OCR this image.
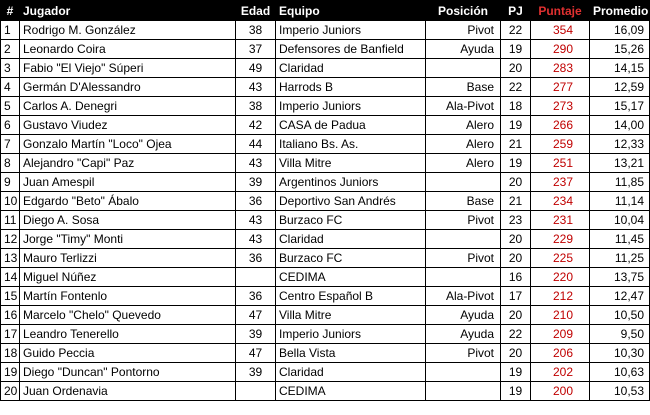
#	Jugador	Edad	Equipo	Posición	PJ	Puntaje	Promedio
1	Rodrigo M. González	38	Imperio Juniors	Pivot	22	354	16,09
2	Leonardo Coira	37	Defensores de Banfield	Ayuda	19	290	15,26
3	Fabio "El Viejo" Súperi	49	Claridad		20	283	14,15
4	Germán D'Alessandro	43	Harrods B	Base	22	277	12,59
5	Carlos A. Denegri	38	Imperio Juniors	Ala-Pivot	18	273	15,17
6	Gustavo Viudez	42	CASA de Padua	Alero	19	266	14,00
7	Gonzalo Martín "Loco" Ojea	44	Italiano Bs. As.	Alero	21	259	12,33
8	Alejandro "Capi" Paz	43	Villa Mitre	Alero	19	251	13,21
9	Juan Amespil	39	Argentinos Juniors		20	237	11,85
10	Edgardo "Beto" Ábalo	36	Deportivo San Andrés	Base	21	234	11,14
11	Diego A. Sosa	43	Burzaco FC	Pivot	23	231	10,04
12	Jorge "Timy" Monti	43	Claridad		20	229	11,45
13	Mauro Terlizzi	36	Burzaco FC	Pivot	20	225	11,25
14	Miguel Núñez		CEDIMA		16	220	13,75
15	Martín Fontenlo	36	Centro Español B	Ala-Pivot	17	212	12,47
16	Marcelo "Chelo" Quevedo	47	Villa Mitre	Ayuda	20	210	10,50
17	Leandro Tenerello	39	Imperio Juniors	Ayuda	22	209	9,50
18	Guido Peccia	47	Bella Vista	Pivot	20	206	10,30
19	Diego "Duncan" Pontorno	39	Claridad		19	202	10,63
20	Juan Ordenavia		CEDIMA		19	200	10,53
